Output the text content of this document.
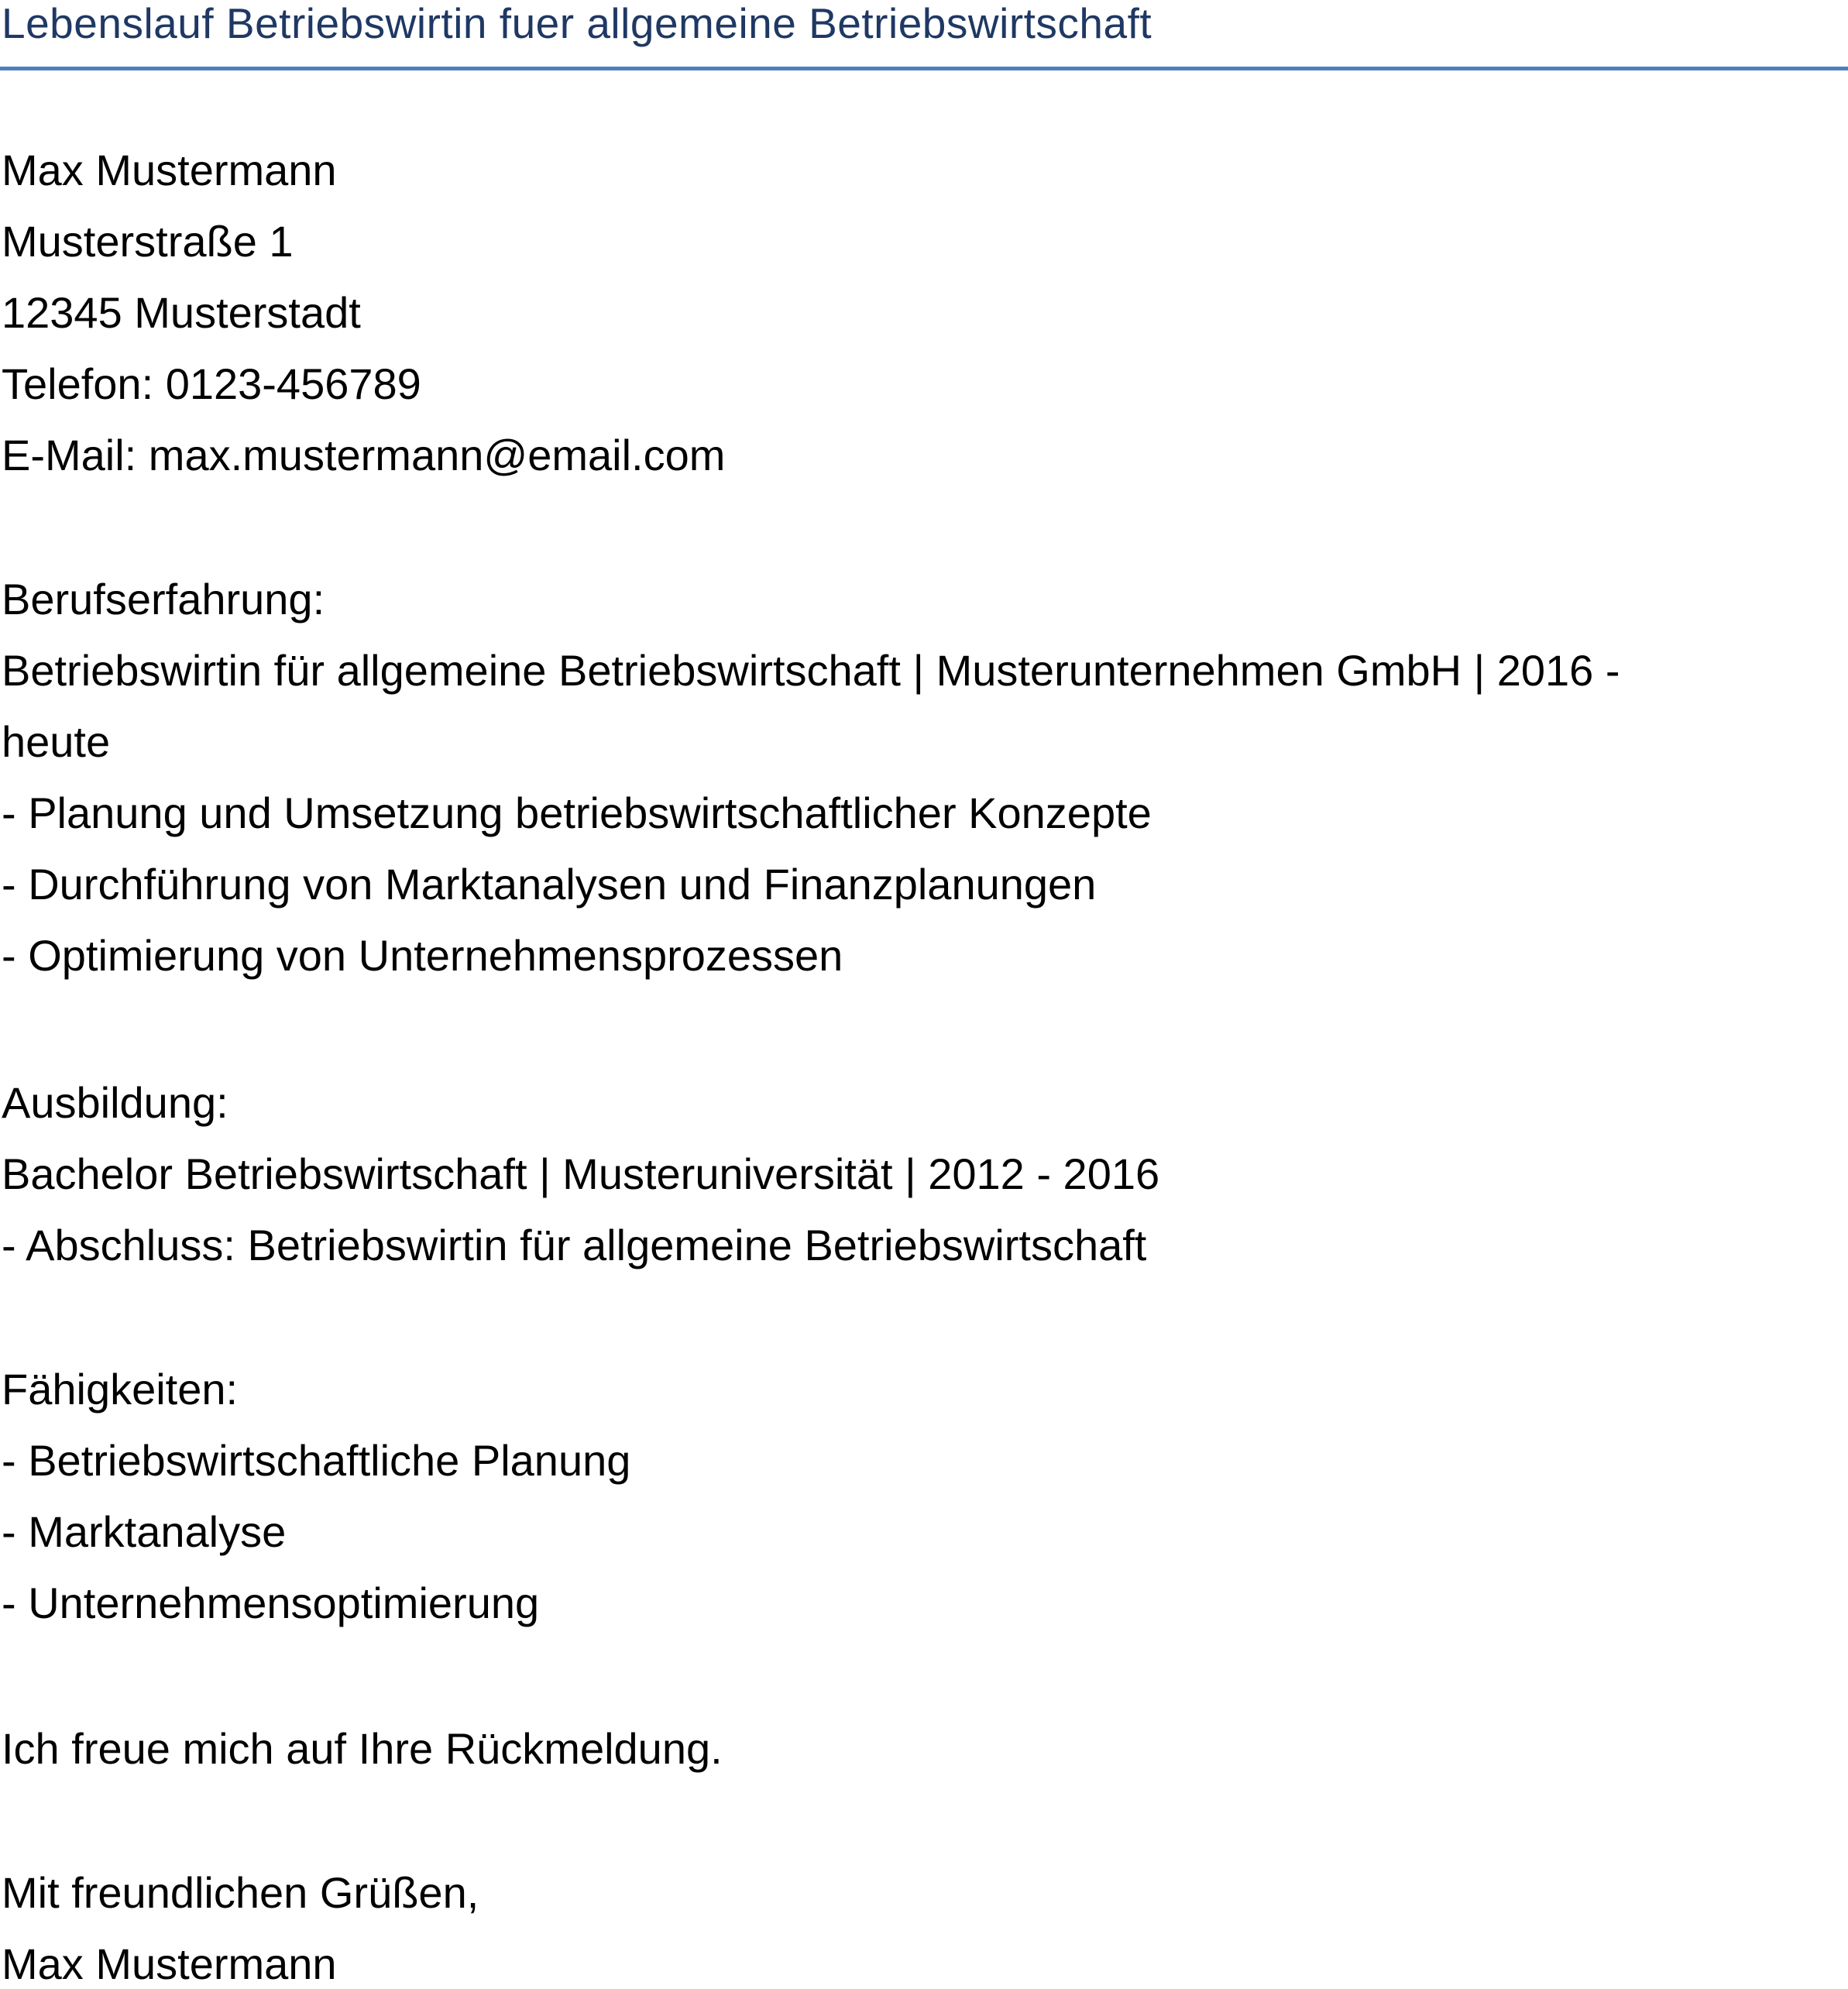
Lebenslauf Betriebswirtin fuer allgemeine Betriebswirtschaft

Max Mustermann

Musterstraße 1

12345 Musterstadt

Telefon: 0123-456789

E-Mail: max.mustermann@email.com

Berufserfahrung:

Betriebswirtin für allgemeine Betriebswirtschaft | Musterunternehmen GmbH | 2016 -

heute

- Planung und Umsetzung betriebswirtschaftlicher Konzepte

- Durchführung von Marktanalysen und Finanzplanungen

- Optimierung von Unternehmensprozessen

Ausbildung:

Bachelor Betriebswirtschaft | Musteruniversität | 2012 - 2016

- Abschluss: Betriebswirtin für allgemeine Betriebswirtschaft

Fähigkeiten:

- Betriebswirtschaftliche Planung

- Marktanalyse

- Unternehmensoptimierung

Ich freue mich auf Ihre Rückmeldung.

Mit freundlichen Grüßen,

Max Mustermann
